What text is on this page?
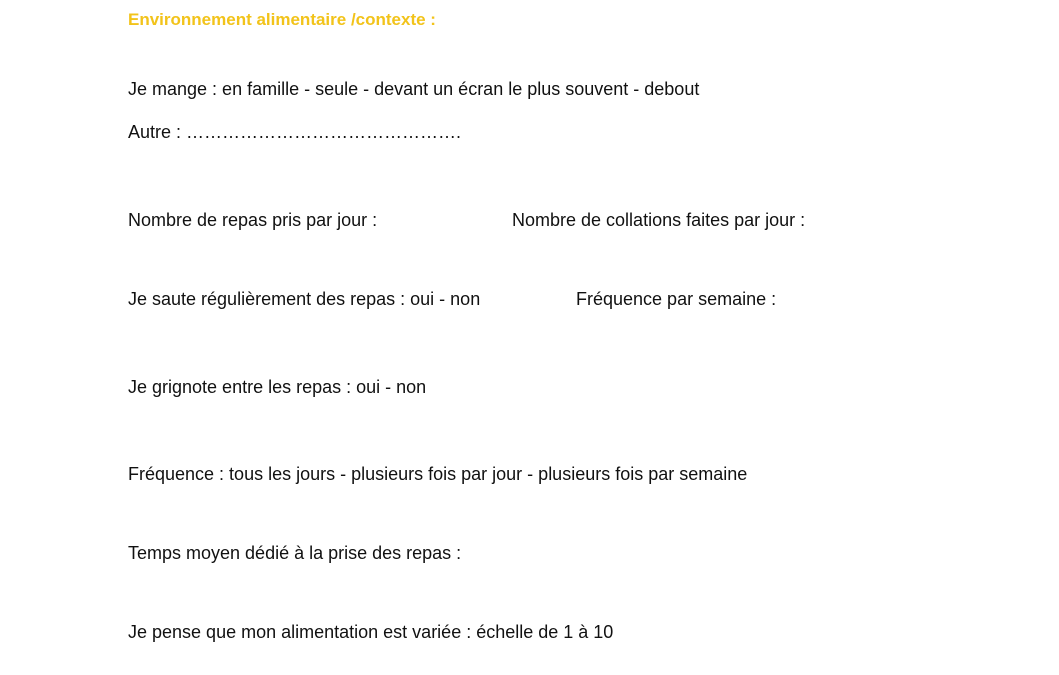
Environnement alimentaire /contexte :
Je mange : en famille - seule - devant un écran le plus souvent - debout
Autre : ……………………………………….
Nombre de repas pris par jour :	Nombre de collations faites par jour :
Je saute régulièrement des repas : oui - non	Fréquence par semaine :
Je grignote entre les repas : oui - non
Fréquence : tous les jours - plusieurs fois par jour - plusieurs fois par semaine
Temps moyen dédié à la prise des repas :
Je pense que mon alimentation est variée : échelle de 1 à 10
